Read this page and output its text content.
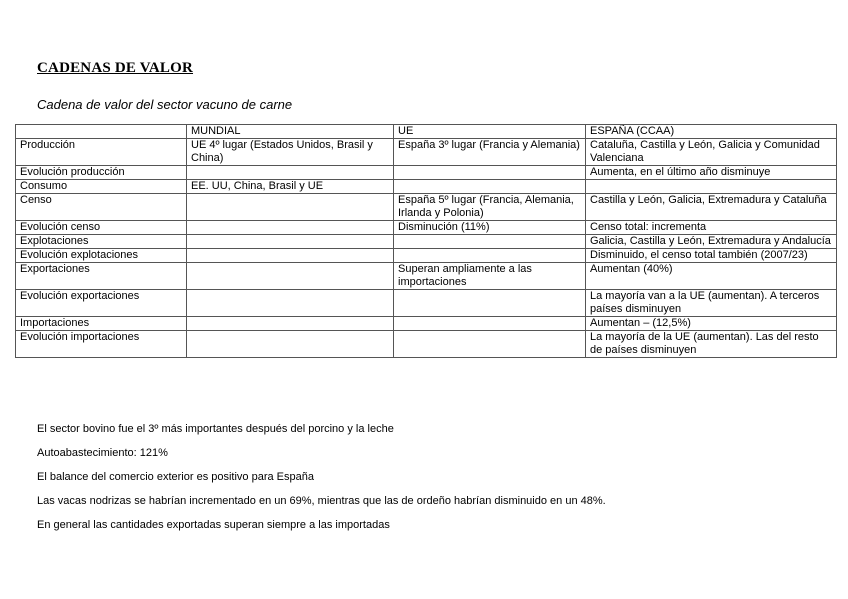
CADENAS DE VALOR
Cadena de valor del sector vacuno de carne
	MUNDIAL	UE	ESPAÑA (CCAA)
Producción	UE 4º lugar (Estados Unidos, Brasil y China)	España 3º lugar (Francia y Alemania)	Cataluña, Castilla y León, Galicia y Comunidad Valenciana
Evolución producción			Aumenta, en el último año disminuye
Consumo	EE. UU, China, Brasil y UE		
Censo		España 5º lugar (Francia, Alemania, Irlanda y Polonia)	Castilla y León, Galicia, Extremadura y Cataluña
Evolución censo		Disminución (11%)	Censo total: incrementa
Explotaciones			Galicia, Castilla y León, Extremadura y Andalucía
Evolución explotaciones			Disminuido, el censo total también (2007/23)
Exportaciones		Superan ampliamente a las importaciones	Aumentan (40%)
Evolución exportaciones			La mayoría van a la UE (aumentan). A terceros países disminuyen
Importaciones			Aumentan – (12,5%)
Evolución importaciones			La mayoría de la UE (aumentan). Las del resto de países disminuyen
El sector bovino fue el 3º más importantes después del porcino y la leche
Autoabastecimiento: 121%
El balance del comercio exterior es positivo para España
Las vacas nodrizas se habrían incrementado en un 69%, mientras que las de ordeño habrían disminuido en un 48%.
En general las cantidades exportadas superan siempre a las importadas
